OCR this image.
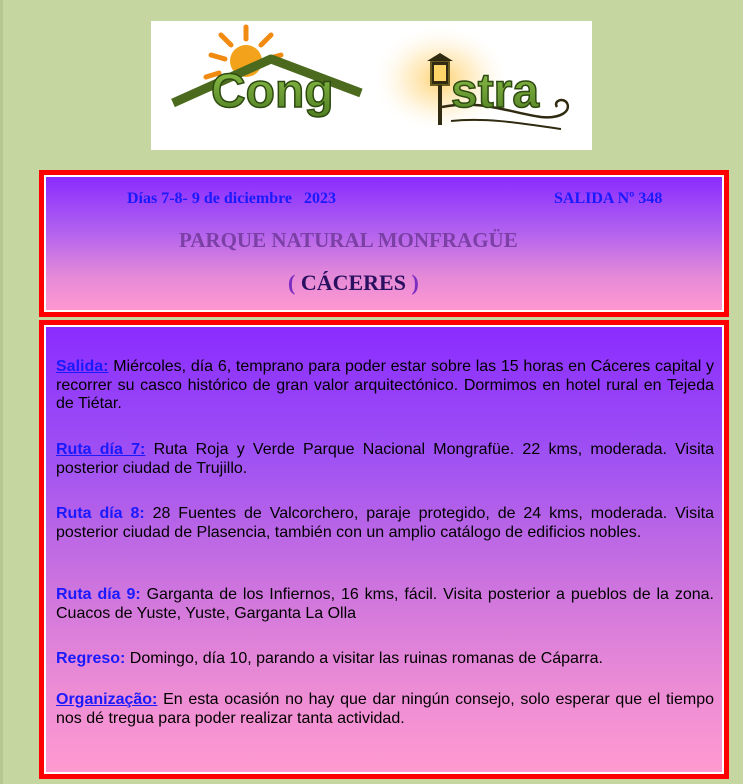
Cong stra
Días 7-8- 9 de diciembre   2023	SALIDA Nº 348
PARQUE NATURAL MONFRAGÜE
( CÁCERES )
Salida: Miércoles, día 6, temprano para poder estar sobre las 15 horas en Cáceres capital y recorrer su casco histórico de gran valor arquitectónico. Dormimos en hotel rural en Tejeda de Tiétar.
Ruta día 7: Ruta Roja y Verde Parque Nacional Mongrafüe. 22 kms, moderada. Visita posterior ciudad de Trujillo.
Ruta día 8: 28 Fuentes de Valcorchero, paraje protegido, de 24 kms, moderada. Visita posterior ciudad de Plasencia, también con un amplio catálogo de edificios nobles.
Ruta día 9: Garganta de los Infiernos, 16 kms, fácil. Visita posterior a pueblos de la zona. Cuacos de Yuste, Yuste, Garganta La Olla
Regreso: Domingo, día 10, parando a visitar las ruinas romanas de Cáparra.
Organização: En esta ocasión no hay que dar ningún consejo, solo esperar que el tiempo nos dé tregua para poder realizar tanta actividad.
